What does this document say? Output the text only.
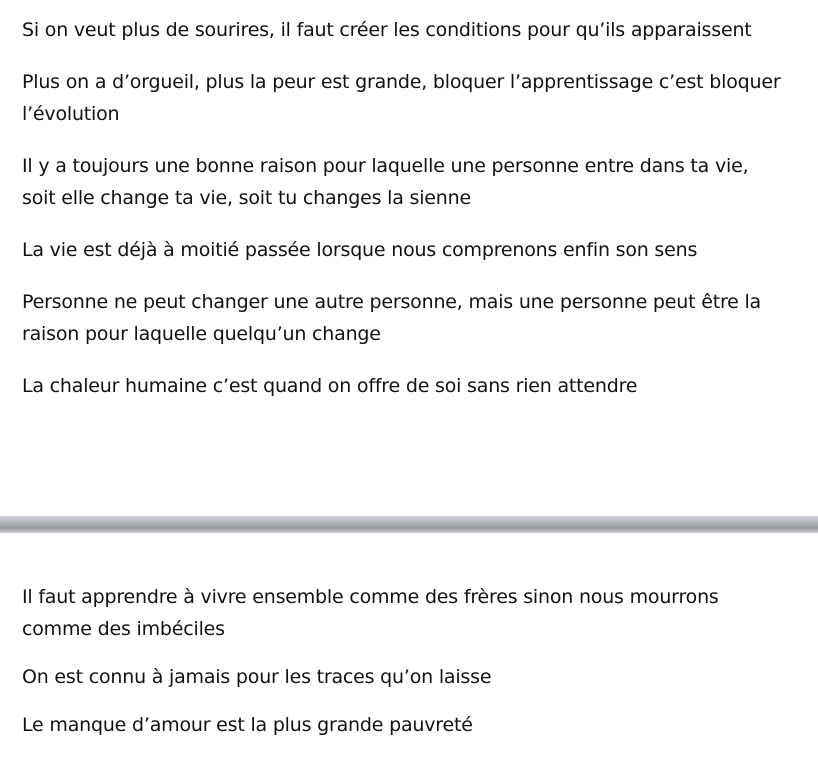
Si on veut plus de sourires, il faut créer les conditions pour qu’ils apparaissent

Plus on a d’orgueil, plus la peur est grande, bloquer l’apprentissage c’est bloquer l’évolution

Il y a toujours une bonne raison pour laquelle une personne entre dans ta vie, soit elle change ta vie, soit tu changes la sienne

La vie est déjà à moitié passée lorsque nous comprenons enfin son sens

Personne ne peut changer une autre personne, mais une personne peut être la raison pour laquelle quelqu’un change

La chaleur humaine c’est quand on offre de soi sans rien attendre

Il faut apprendre à vivre ensemble comme des frères sinon nous mourrons comme des imbéciles

On est connu à jamais pour les traces qu’on laisse

Le manque d’amour est la plus grande pauvreté
